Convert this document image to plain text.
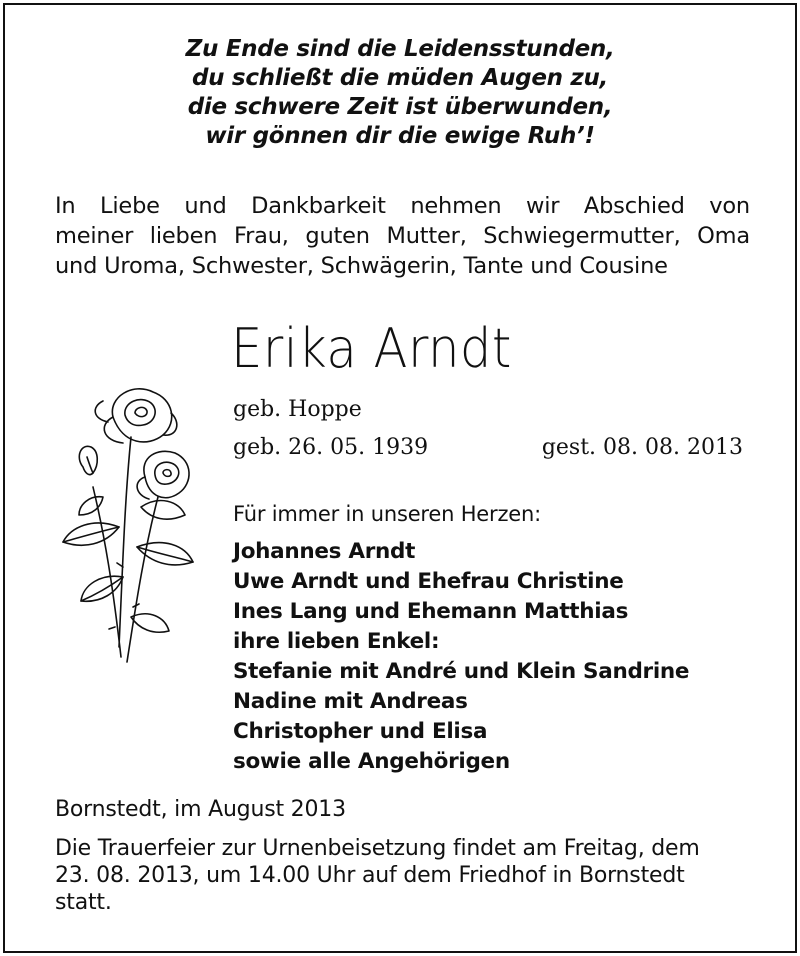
Zu Ende sind die Leidensstunden,
du schließt die müden Augen zu,
die schwere Zeit ist überwunden,
wir gönnen dir die ewige Ruh’!
In Liebe und Dankbarkeit nehmen wir Abschied von
meiner lieben Frau, guten Mutter, Schwiegermutter, Oma
und Uroma, Schwester, Schwägerin, Tante und Cousine
Erika Arndt
geb. Hoppe
geb. 26. 05. 1939	gest. 08. 08. 2013
Für immer in unseren Herzen:
Johannes Arndt
Uwe Arndt und Ehefrau Christine
Ines Lang und Ehemann Matthias
ihre lieben Enkel:
Stefanie mit André und Klein Sandrine
Nadine mit Andreas
Christopher und Elisa
sowie alle Angehörigen
Bornstedt, im August 2013
Die Trauerfeier zur Urnenbeisetzung findet am Freitag, dem
23. 08. 2013, um 14.00 Uhr auf dem Friedhof in Bornstedt
statt.
